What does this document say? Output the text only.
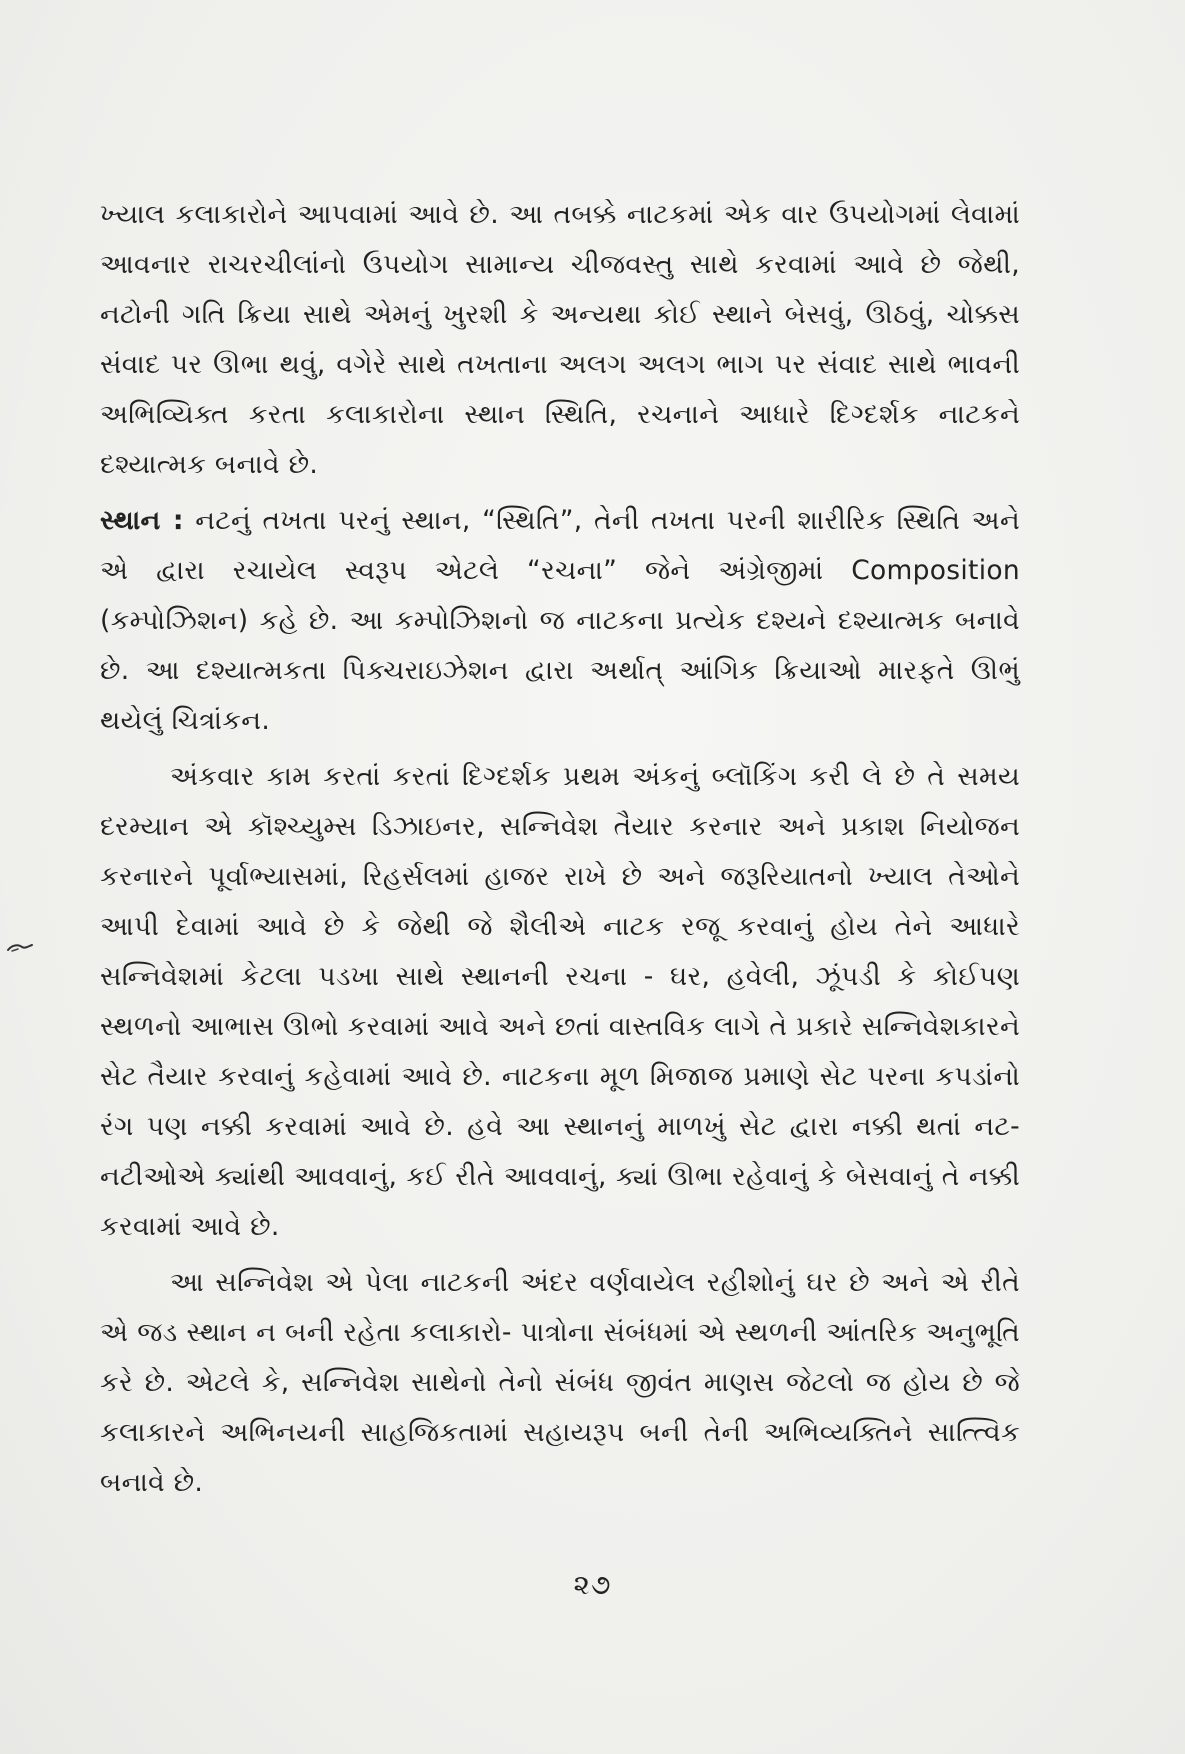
ખ્યાલ કલાકારોને આપવામાં આવે છે. આ તબક્કે નાટકમાં એક વાર ઉપયોગમાં લેવામાં આવનાર રાચરચીલાંનો ઉપયોગ સામાન્ય ચીજવસ્તુ સાથે કરવામાં આવે છે જેથી, નટોની ગતિ ક્રિયા સાથે એમનું ખુરશી કે અન્યથા કોઈ સ્થાને બેસવું, ઊઠવું, ચોક્કસ સંવાદ પર ઊભા થવું, વગેરે સાથે તખતાના અલગ અલગ ભાગ પર સંવાદ સાથે ભાવની અભિવ્યિક્ત કરતા કલાકારોના સ્થાન સ્થિતિ, રચનાને આધારે દિગ્દર્શક નાટકને દશ્યાત્મક બનાવે છે.

સ્થાન : નટનું તખતા પરનું સ્થાન, “સ્થિતિ”, તેની તખતા પરની શારીરિક સ્થિતિ અને એ દ્વારા રચાયેલ સ્વરૂપ એટલે “રચના” જેને અંગ્રેજીમાં Composition (કમ્પોઝિશન) કહે છે. આ કમ્પોઝિશનો જ નાટકના પ્રત્યેક દશ્યને દશ્યાત્મક બનાવે છે. આ દશ્યાત્મકતા પિક્ચરાઇઝેશન દ્વારા અર્થાત્ આંગિક ક્રિયાઓ મારફતે ઊભું થયેલું ચિત્રાંકન.

અંકવાર કામ કરતાં કરતાં દિગ્દર્શક પ્રથમ અંકનું બ્લૉકિંગ કરી લે છે તે સમય દરમ્યાન એ કૉશ્ચ્યુમ્સ ડિઝાઇનર, સન્નિવેશ તૈયાર કરનાર અને પ્રકાશ નિયોજન કરનારને પૂર્વાભ્યાસમાં, રિહર્સલમાં હાજર રાખે છે અને જરૂરિયાતનો ખ્યાલ તેઓને આપી દેવામાં આવે છે કે જેથી જે શૈલીએ નાટક રજૂ કરવાનું હોય તેને આધારે સન્નિવેશમાં કેટલા પડખા સાથે સ્થાનની રચના - ઘર, હવેલી, ઝૂંપડી કે કોઈપણ સ્થળનો આભાસ ઊભો કરવામાં આવે અને છતાં વાસ્તવિક લાગે તે પ્રકારે સન્નિવેશકારને સેટ તૈયાર કરવાનું કહેવામાં આવે છે. નાટકના મૂળ મિજાજ પ્રમાણે સેટ પરના કપડાંનો રંગ પણ નક્કી કરવામાં આવે છે. હવે આ સ્થાનનું માળખું સેટ દ્વારા નક્કી થતાં નટ-નટીઓએ ક્યાંથી આવવાનું, કઈ રીતે આવવાનું, ક્યાં ઊભા રહેવાનું કે બેસવાનું તે નક્કી કરવામાં આવે છે.

આ સન્નિવેશ એ પેલા નાટકની અંદર વર્ણવાયેલ રહીશોનું ઘર છે અને એ રીતે એ જડ સ્થાન ન બની રહેતા કલાકારો- પાત્રોના સંબંધમાં એ સ્થળની આંતરિક અનુભૂતિ કરે છે. એટલે કે, સન્નિવેશ સાથેનો તેનો સંબંધ જીવંત માણસ જેટલો જ હોય છે જે કલાકારને અભિનયની સાહજિકતામાં સહાયરૂપ બની તેની અભિવ્યક્તિને સાત્ત્વિક બનાવે છે.

૨૭
